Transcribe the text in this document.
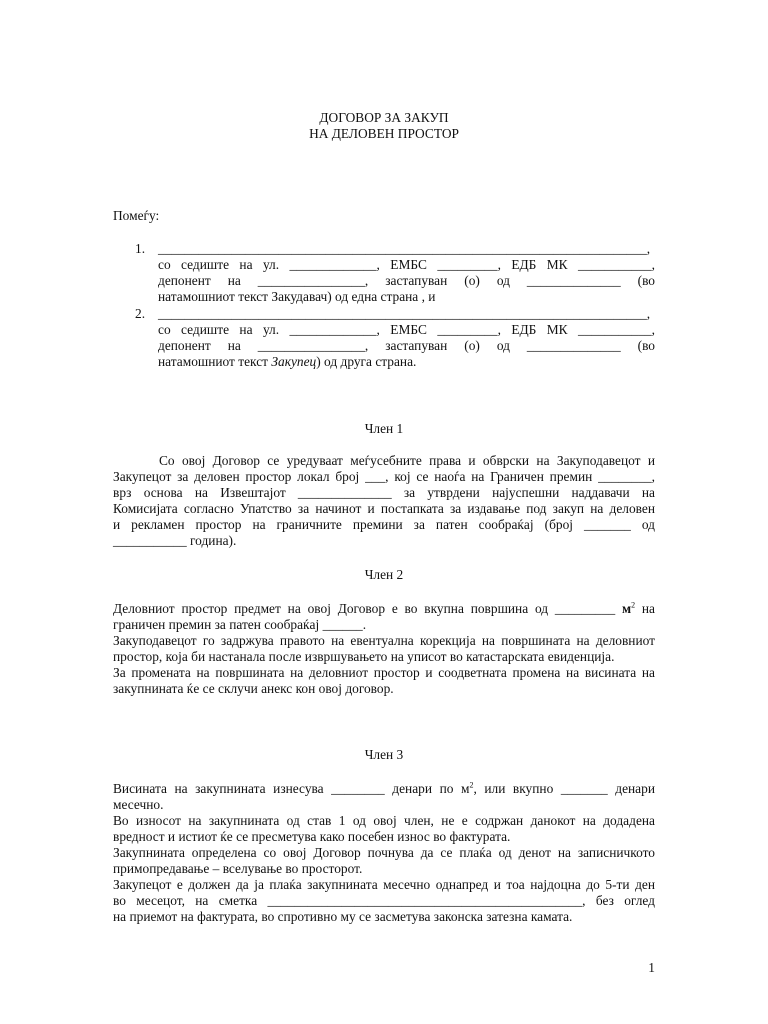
ДОГОВОР ЗА ЗАКУП
НА ДЕЛОВЕН ПРОСТОР
Помеѓу:
1. _________________________________________________________________________,
со седиште на ул. _____________, ЕМБС _________, ЕДБ МК ___________,
депонент на ________________, застапуван (о) од ______________ (во
натамошниот текст Закудавач) од една страна , и
2. _________________________________________________________________________,
со седиште на ул. _____________, ЕМБС _________, ЕДБ МК ___________,
депонент на ________________, застапуван (о) од ______________ (во
натамошниот текст Закупец) од друга страна.
Член 1
Со овој Договор се уредуваат меѓусебните права и обврски на Закуподавецот и
Закупецот за деловен простор локал број ___, кој се наоѓа на Граничен премин ________,
врз основа на Извештајот ______________ за утврдени најуспешни наддавачи на
Комисијата согласно Упатство за начинот и постапката за издавање под закуп на деловен
и рекламен простор на граничните премини за патен сообраќај (број _______ од
___________ година).
Член 2
Деловниот простор предмет на овој Договор е во вкупна површина од _________ $м^2$ на
граничен премин за патен сообраќај ______.
Закуподавецот го задржува правото на евентуална корекција на површината на деловниот
простор, која би настанала после извршувањето на уписот во катастарската евиденција.
За промената на површината на деловниот простор и соодветната промена на висината на
закупнината ќе се склучи анекс кон овој договор.
Член 3
Висината на закупнината изнесува ________ денари по $м^2$, или вкупно _______ денари
месечно.
Во износот на закупнината од став 1 од овој член, не е содржан данокот на додадена
вредност и истиот ќе се пресметува како посебен износ во фактурата.
Закупнината определена со овој Договор почнува да се плаќа од денот на записничкото
примопредавање – вселување во просторот.
Закупецот е должен да ја плаќа закупнината месечно однапред и тоа најдоцна до 5-ти ден
во месецот, на сметка _______________________________________________, без оглед
на приемот на фактурата, во спротивно му се засметува законска затезна камата.
1
